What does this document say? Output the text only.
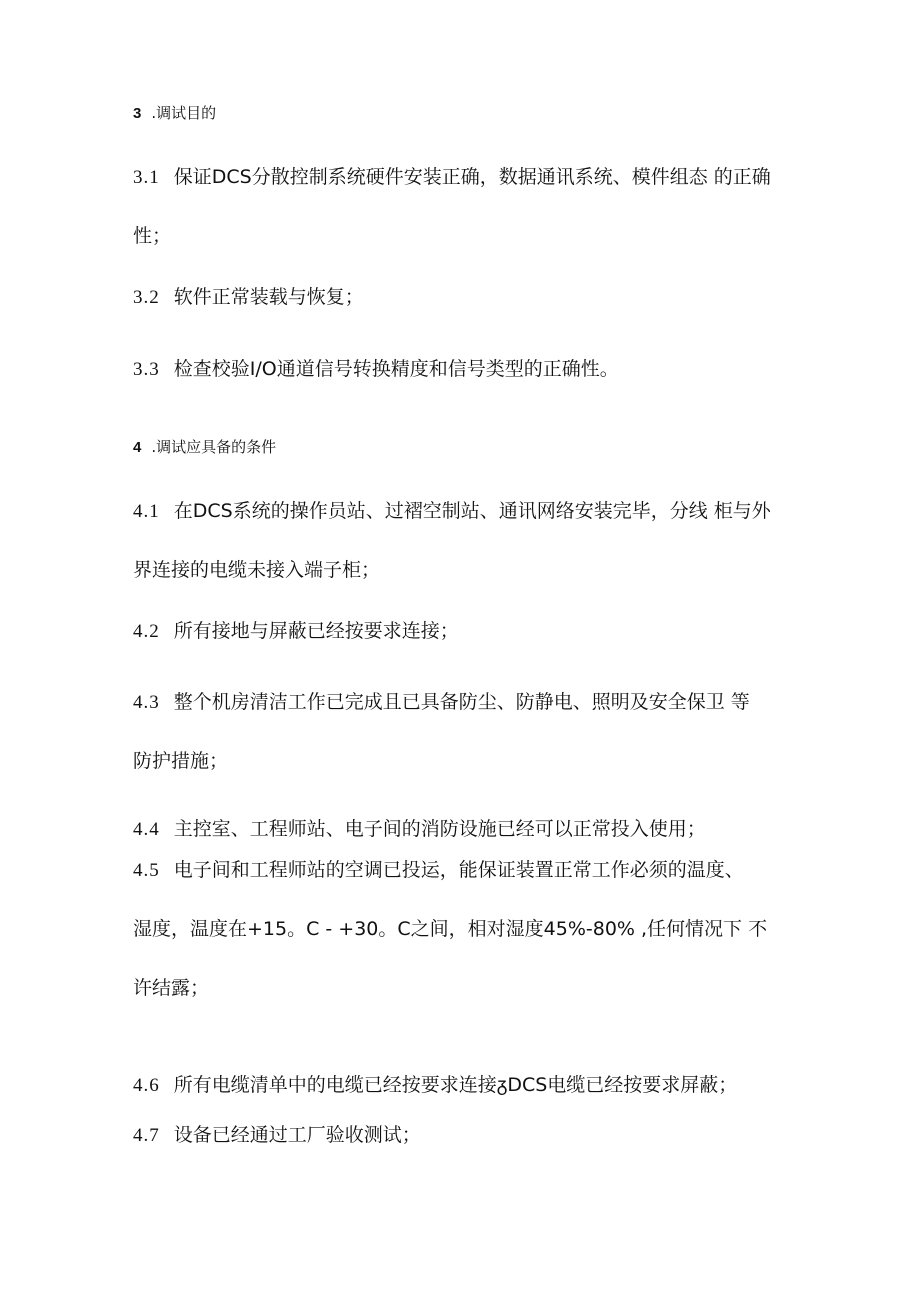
3 .调试目的
3.1 保证DCS分散控制系统硬件安装正确，数据通讯系统、模件组态 的正确
性；
3.2 软件正常装载与恢复；
3.3 检查校验I/O通道信号转换精度和信号类型的正确性。
4 .调试应具备的条件
4.1 在DCS系统的操作员站、过褶空制站、通讯网络安装完毕，分线 柜与外
界连接的电缆未接入端子柜；
4.2 所有接地与屏蔽已经按要求连接；
4.3 整个机房清洁工作已完成且已具备防尘、防静电、照明及安全保卫 等
防护措施；
4.4 主控室、工程师站、电子间的消防设施已经可以正常投入使用；
4.5 电子间和工程师站的空调已投运，能保证装置正常工作必须的温度、
湿度，温度在+15。C - +30。C之间，相对湿度45%-80% ,任何情况下 不
许结露；
4.6 所有电缆清单中的电缆已经按要求连接ᵹDCS电缆已经按要求屏蔽；
4.7 设备已经通过工厂验收测试；
